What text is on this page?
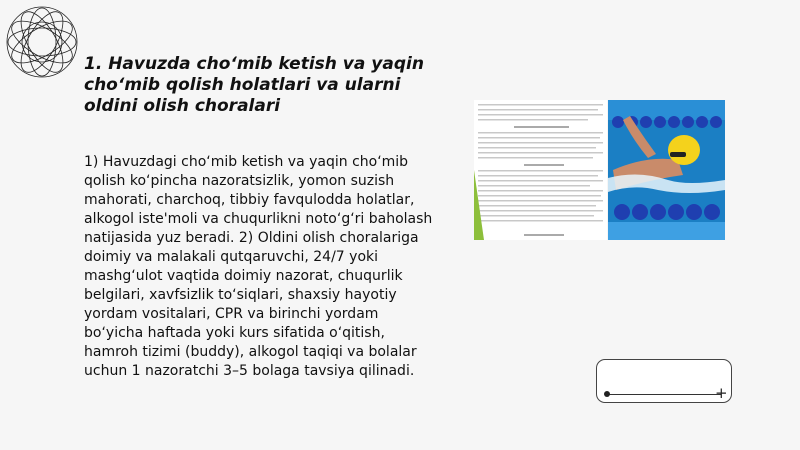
1. Havuzda cho‘mib ketish va yaqin cho‘mib qolish holatlari va ularni oldini olish choralari

1) Havuzdagi cho‘mib ketish va yaqin cho‘mib qolish ko‘pincha nazoratsizlik, yomon suzish mahorati, charchoq, tibbiy favqulodda holatlar, alkogol iste'moli va chuqurlikni noto‘g‘ri baholash natijasida yuz beradi. 2) Oldini olish choralariga doimiy va malakali qutqaruvchi, 24/7 yoki mashg‘ulot vaqtida doimiy nazorat, chuqurlik belgilari, xavfsizlik to‘siqlari, shaxsiy hayotiy yordam vositalari, CPR va birinchi yordam bo‘yicha haftada yoki kurs sifatida o‘qitish, hamroh tizimi (buddy), alkogol taqiqi va bolalar uchun 1 nazoratchi 3–5 bolaga tavsiya qilinadi.

+
